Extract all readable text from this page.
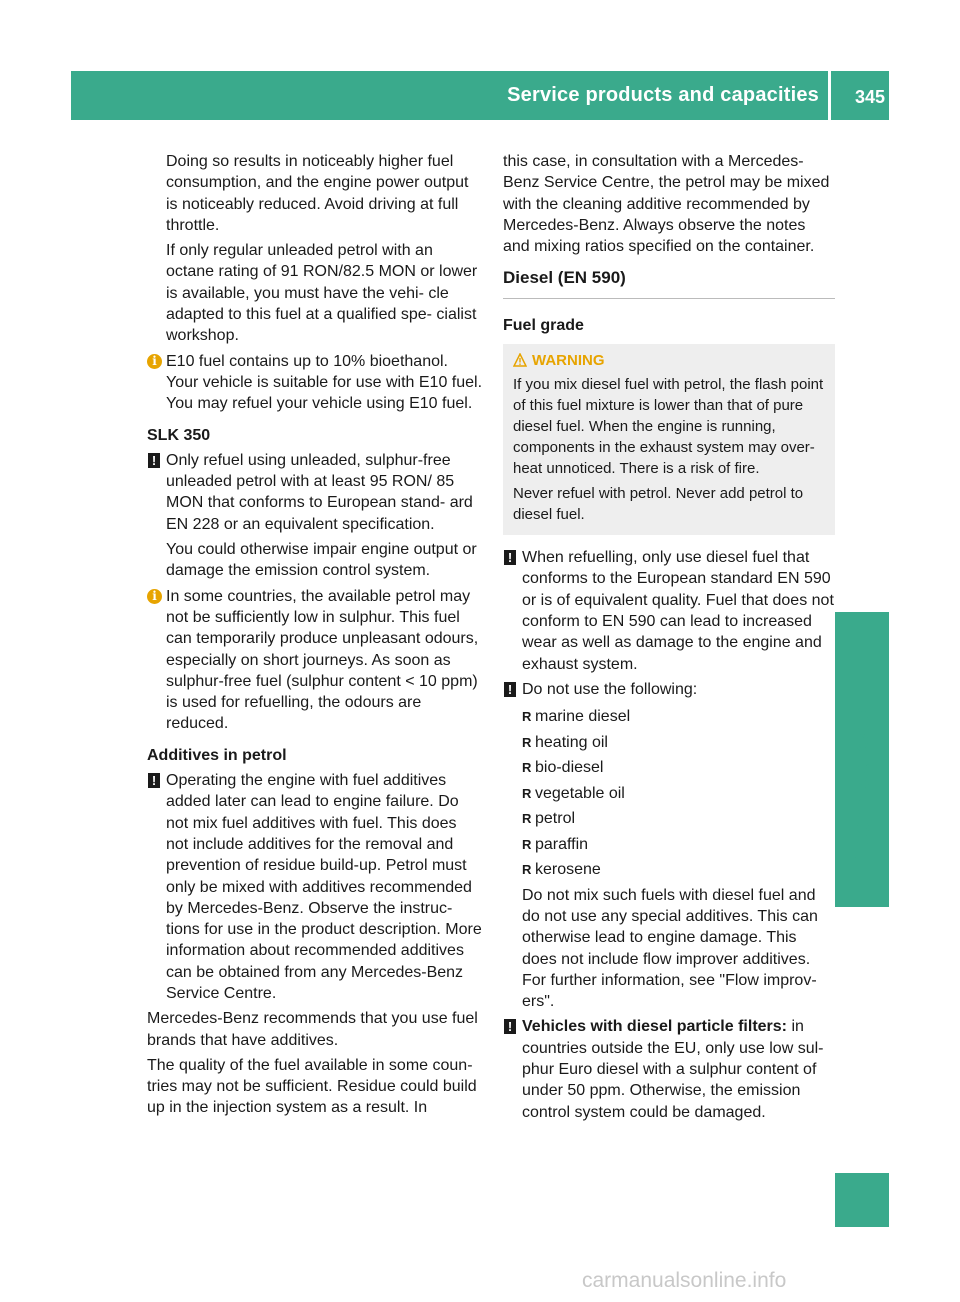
Service products and capacities 345
Technical data

Doing so results in noticeably higher fuel consumption, and the engine power output is noticeably reduced. Avoid driving at full throttle.

If only regular unleaded petrol with an octane rating of 91 RON/82.5 MON or lower is available, you must have the vehi- cle adapted to this fuel at a qualified spe- cialist workshop.

i E10 fuel contains up to 10% bioethanol. Your vehicle is suitable for use with E10 fuel. You may refuel your vehicle using E10 fuel.
SLK 350
! Only refuel using unleaded, sulphur-free unleaded petrol with at least 95 RON/ 85 MON that conforms to European stand- ard EN 228 or an equivalent specification.

You could otherwise impair engine output or damage the emission control system.

i In some countries, the available petrol may not be sufficiently low in sulphur. This fuel can temporarily produce unpleasant odours, especially on short journeys. As soon as sulphur-free fuel (sulphur content < 10 ppm) is used for refuelling, the odours are reduced.
Additives in petrol
! Operating the engine with fuel additives added later can lead to engine failure. Do not mix fuel additives with fuel. This does not include additives for the removal and prevention of residue build-up. Petrol must only be mixed with additives recommended by Mercedes-Benz. Observe the instruc- tions for use in the product description. More information about recommended additives can be obtained from any Mercedes-Benz Service Centre.

Mercedes-Benz recommends that you use fuel brands that have additives.

The quality of the fuel available in some coun- tries may not be sufficient. Residue could build up in the injection system as a result. In

this case, in consultation with a Mercedes- Benz Service Centre, the petrol may be mixed with the cleaning additive recommended by Mercedes-Benz. Always observe the notes and mixing ratios specified on the container.

Diesel (EN 590)
Fuel grade
WARNING

If you mix diesel fuel with petrol, the flash point of this fuel mixture is lower than that of pure diesel fuel. When the engine is running, components in the exhaust system may over- heat unnoticed. There is a risk of fire.

Never refuel with petrol. Never add petrol to diesel fuel.

! When refuelling, only use diesel fuel that conforms to the European standard EN 590 or is of equivalent quality. Fuel that does not conform to EN 590 can lead to increased wear as well as damage to the engine and exhaust system.
! Do not use the following:
R marine diesel
R heating oil
R bio-diesel
R vegetable oil
R petrol
R paraffin
R kerosene

Do not mix such fuels with diesel fuel and do not use any special additives. This can otherwise lead to engine damage. This does not include flow improver additives. For further information, see "Flow improv- ers".

! Vehicles with diesel particle filters: in countries outside the EU, only use low sul- phur Euro diesel with a sulphur content of under 50 ppm. Otherwise, the emission control system could be damaged.
carmanualsonline.info
